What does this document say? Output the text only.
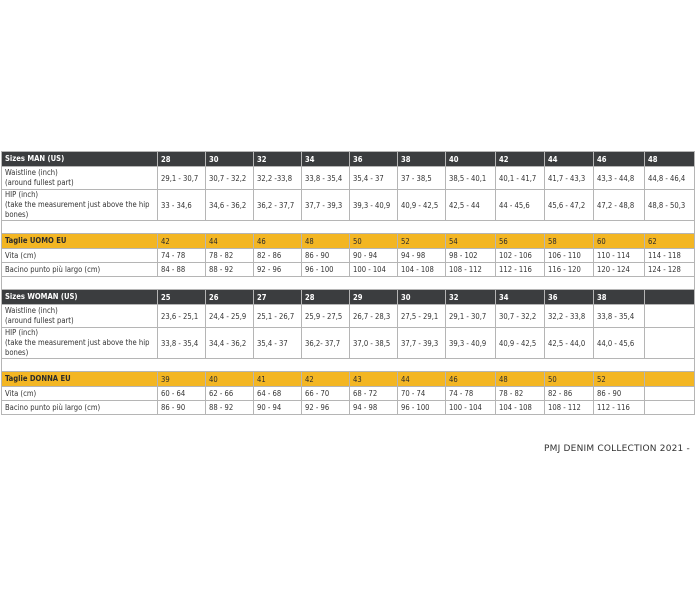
Sizes MAN (US)	28	30	32	34	36	38	40	42	44	46	48
Waistline (inch)
(around fullest part)	29,1 - 30,7	30,7 - 32,2	32,2 -33,8	33,8 - 35,4	35,4 - 37	37 - 38,5	38,5 - 40,1	40,1 - 41,7	41,7 - 43,3	43,3 - 44,8	44,8 - 46,4
HIP (inch)
(take the measurement just above the hip bones)	33 - 34,6	34,6 - 36,2	36,2 - 37,7	37,7 - 39,3	39,3 - 40,9	40,9 - 42,5	42,5 - 44	44 - 45,6	45,6 - 47,2	47,2 - 48,8	48,8 - 50,3

Taglie UOMO EU	42	44	46	48	50	52	54	56	58	60	62
Vita (cm)	74 - 78	78 - 82	82 - 86	86 - 90	90 - 94	94 - 98	98 - 102	102 - 106	106 - 110	110 - 114	114 - 118
Bacino punto più largo (cm)	84 - 88	88 - 92	92 - 96	96 - 100	100 - 104	104 - 108	108 - 112	112 - 116	116 - 120	120 - 124	124 - 128

Sizes WOMAN (US)	25	26	27	28	29	30	32	34	36	38	
Waistline (inch)
(around fullest part)	23,6 - 25,1	24,4 - 25,9	25,1 - 26,7	25,9 - 27,5	26,7 - 28,3	27,5 - 29,1	29,1 - 30,7	30,7 - 32,2	32,2 - 33,8	33,8 - 35,4	
HIP (inch)
(take the measurement just above the hip bones)	33,8 - 35,4	34,4 - 36,2	35,4 - 37	36,2- 37,7	37,0 - 38,5	37,7 - 39,3	39,3 - 40,9	40,9 - 42,5	42,5 - 44,0	44,0 - 45,6	

Taglie DONNA EU	39	40	41	42	43	44	46	48	50	52	
Vita (cm)	60 - 64	62 - 66	64 - 68	66 - 70	68 - 72	70 - 74	74 - 78	78 - 82	82 - 86	86 - 90	
Bacino punto più largo (cm)	86 - 90	88 - 92	90 - 94	92 - 96	94 - 98	96 - 100	100 - 104	104 - 108	108 - 112	112 - 116	
PMJ DENIM COLLECTION 2021 -
